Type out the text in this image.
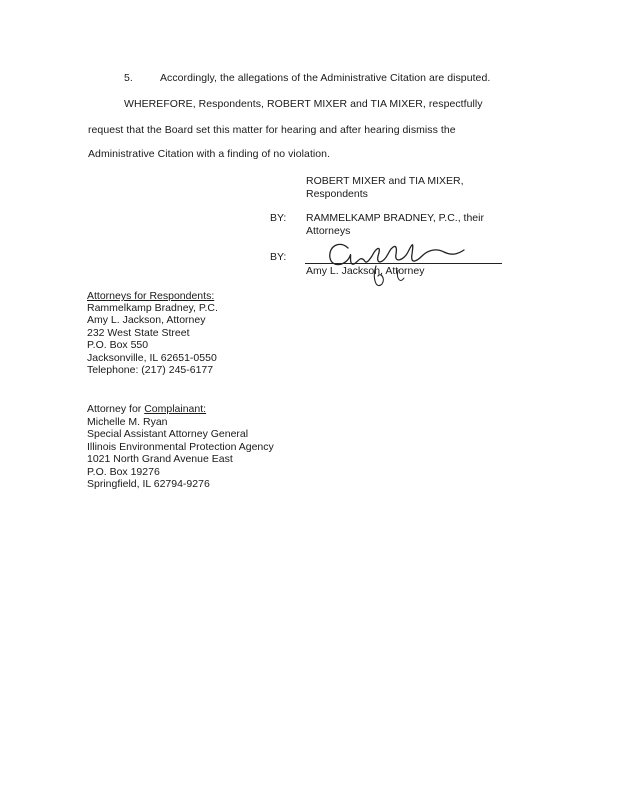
5.	Accordingly, the allegations of the Administrative Citation are disputed.
WHEREFORE, Respondents, ROBERT MIXER and TIA MIXER, respectfully
request that the Board set this matter for hearing and after hearing dismiss the
Administrative Citation with a finding of no violation.
ROBERT MIXER and TIA MIXER,
Respondents
BY: RAMMELKAMP BRADNEY, P.C., their
Attorneys
BY:
Amy L. Jackson, Attorney
Attorneys for Respondents:
Rammelkamp Bradney, P.C.
Amy L. Jackson, Attorney
232 West State Street
P.O. Box 550
Jacksonville, IL 62651-0550
Telephone: (217) 245-6177
Attorney for Complainant:
Michelle M. Ryan
Special Assistant Attorney General
Illinois Environmental Protection Agency
1021 North Grand Avenue East
P.O. Box 19276
Springfield, IL 62794-9276
